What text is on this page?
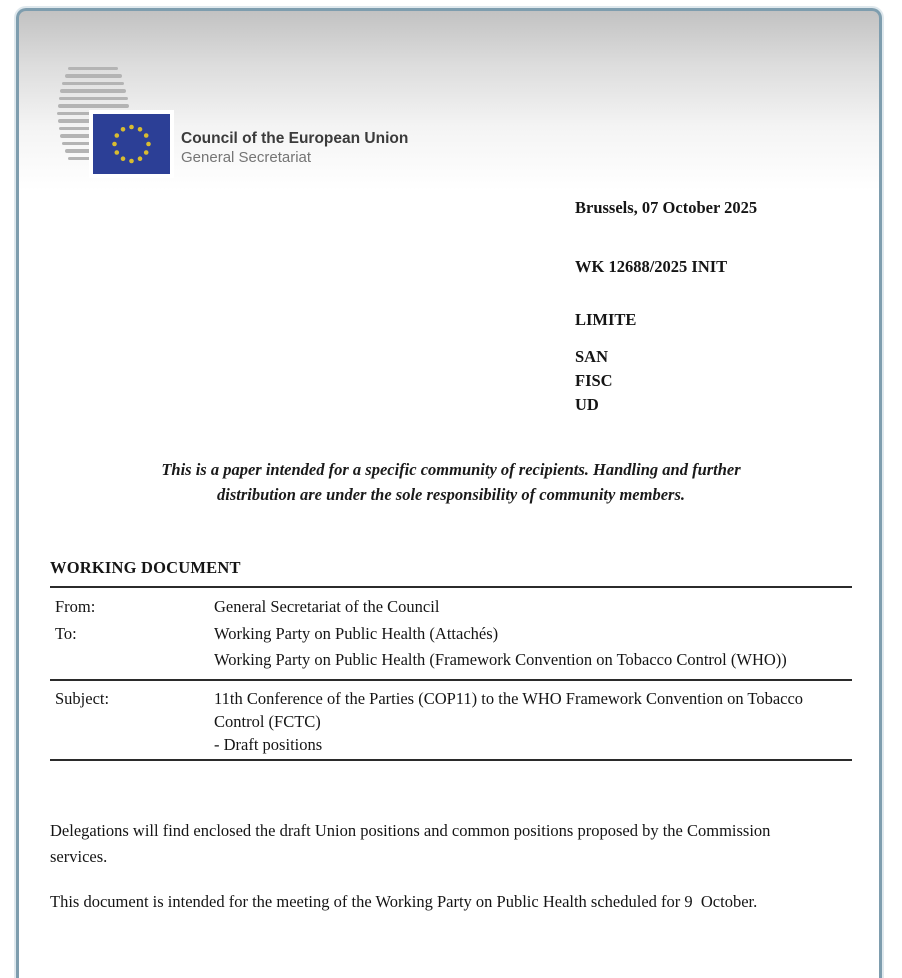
Council of the European Union
General Secretariat
Brussels, 07 October 2025
WK 12688/2025 INIT
LIMITE
SAN
FISC
UD
This is a paper intended for a specific community of recipients. Handling and further distribution are under the sole responsibility of community members.
WORKING DOCUMENT
From:	General Secretariat of the Council
To:	Working Party on Public Health (Attachés)
Working Party on Public Health (Framework Convention on Tobacco Control (WHO))
Subject:	11th Conference of the Parties (COP11) to the WHO Framework Convention on Tobacco Control (FCTC)
- Draft positions
Delegations will find enclosed the draft Union positions and common positions proposed by the Commission services.
This document is intended for the meeting of the Working Party on Public Health scheduled for 9  October.
